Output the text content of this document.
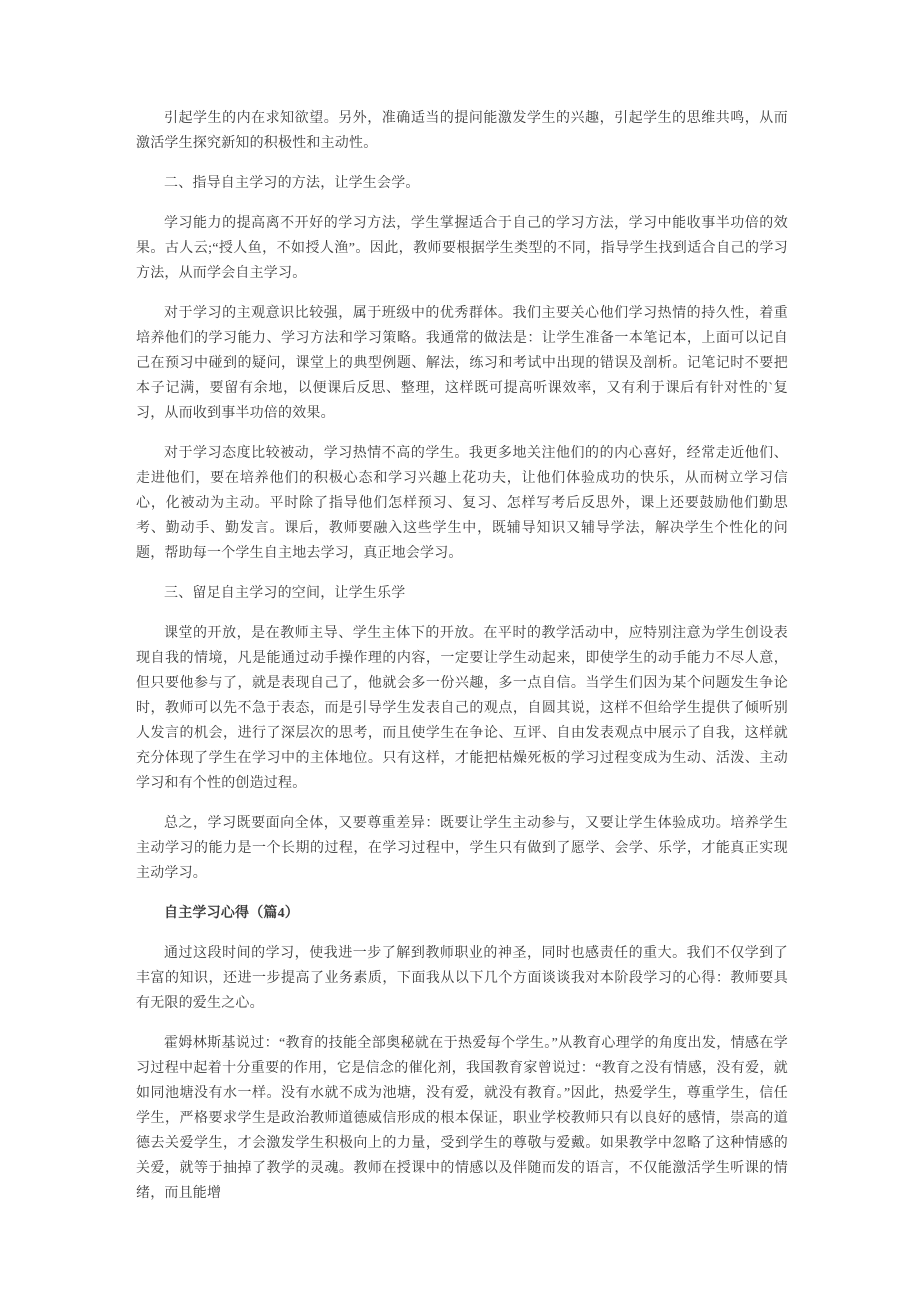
引起学生的内在求知欲望。另外，准确适当的提问能激发学生的兴趣，引起学生的思维共鸣，从而激活学生探究新知的积极性和主动性。

二、指导自主学习的方法，让学生会学。

学习能力的提高离不开好的学习方法，学生掌握适合于自己的学习方法，学习中能收事半功倍的效果。古人云;“授人鱼，不如授人渔”。因此，教师要根据学生类型的不同，指导学生找到适合自己的学习方法，从而学会自主学习。

对于学习的主观意识比较强，属于班级中的优秀群体。我们主要关心他们学习热情的持久性，着重培养他们的学习能力、学习方法和学习策略。我通常的做法是：让学生准备一本笔记本，上面可以记自己在预习中碰到的疑问，课堂上的典型例题、解法，练习和考试中出现的错误及剖析。记笔记时不要把本子记满，要留有余地，以便课后反思、整理，这样既可提高听课效率，又有利于课后有针对性的`复习，从而收到事半功倍的效果。

对于学习态度比较被动，学习热情不高的学生。我更多地关注他们的的内心喜好，经常走近他们、走进他们，要在培养他们的积极心态和学习兴趣上花功夫，让他们体验成功的快乐，从而树立学习信心，化被动为主动。平时除了指导他们怎样预习、复习、怎样写考后反思外，课上还要鼓励他们勤思考、勤动手、勤发言。课后，教师要融入这些学生中，既辅导知识又辅导学法，解决学生个性化的问题，帮助每一个学生自主地去学习，真正地会学习。

三、留足自主学习的空间，让学生乐学

课堂的开放，是在教师主导、学生主体下的开放。在平时的教学活动中，应特别注意为学生创设表现自我的情境，凡是能通过动手操作理的内容，一定要让学生动起来，即使学生的动手能力不尽人意，但只要他参与了，就是表现自己了，他就会多一份兴趣，多一点自信。当学生们因为某个问题发生争论时，教师可以先不急于表态，而是引导学生发表自己的观点，自圆其说，这样不但给学生提供了倾听别人发言的机会，进行了深层次的思考，而且使学生在争论、互评、自由发表观点中展示了自我，这样就充分体现了学生在学习中的主体地位。只有这样，才能把枯燥死板的学习过程变成为生动、活泼、主动学习和有个性的创造过程。

总之，学习既要面向全体，又要尊重差异：既要让学生主动参与，又要让学生体验成功。培养学生主动学习的能力是一个长期的过程，在学习过程中，学生只有做到了愿学、会学、乐学，才能真正实现主动学习。

自主学习心得（篇4）

通过这段时间的学习，使我进一步了解到教师职业的神圣，同时也感责任的重大。我们不仅学到了丰富的知识，还进一步提高了业务素质，下面我从以下几个方面谈谈我对本阶段学习的心得：教师要具有无限的爱生之心。

霍姆林斯基说过：“教育的技能全部奥秘就在于热爱每个学生。”从教育心理学的角度出发，情感在学习过程中起着十分重要的作用，它是信念的催化剂，我国教育家曾说过：“教育之没有情感，没有爱，就如同池塘没有水一样。没有水就不成为池塘，没有爱，就没有教育。”因此，热爱学生，尊重学生，信任学生，严格要求学生是政治教师道德威信形成的根本保证，职业学校教师只有以良好的感情，崇高的道德去关爱学生，才会激发学生积极向上的力量，受到学生的尊敬与爱戴。如果教学中忽略了这种情感的关爱，就等于抽掉了教学的灵魂。教师在授课中的情感以及伴随而发的语言，不仅能激活学生听课的情绪，而且能增
